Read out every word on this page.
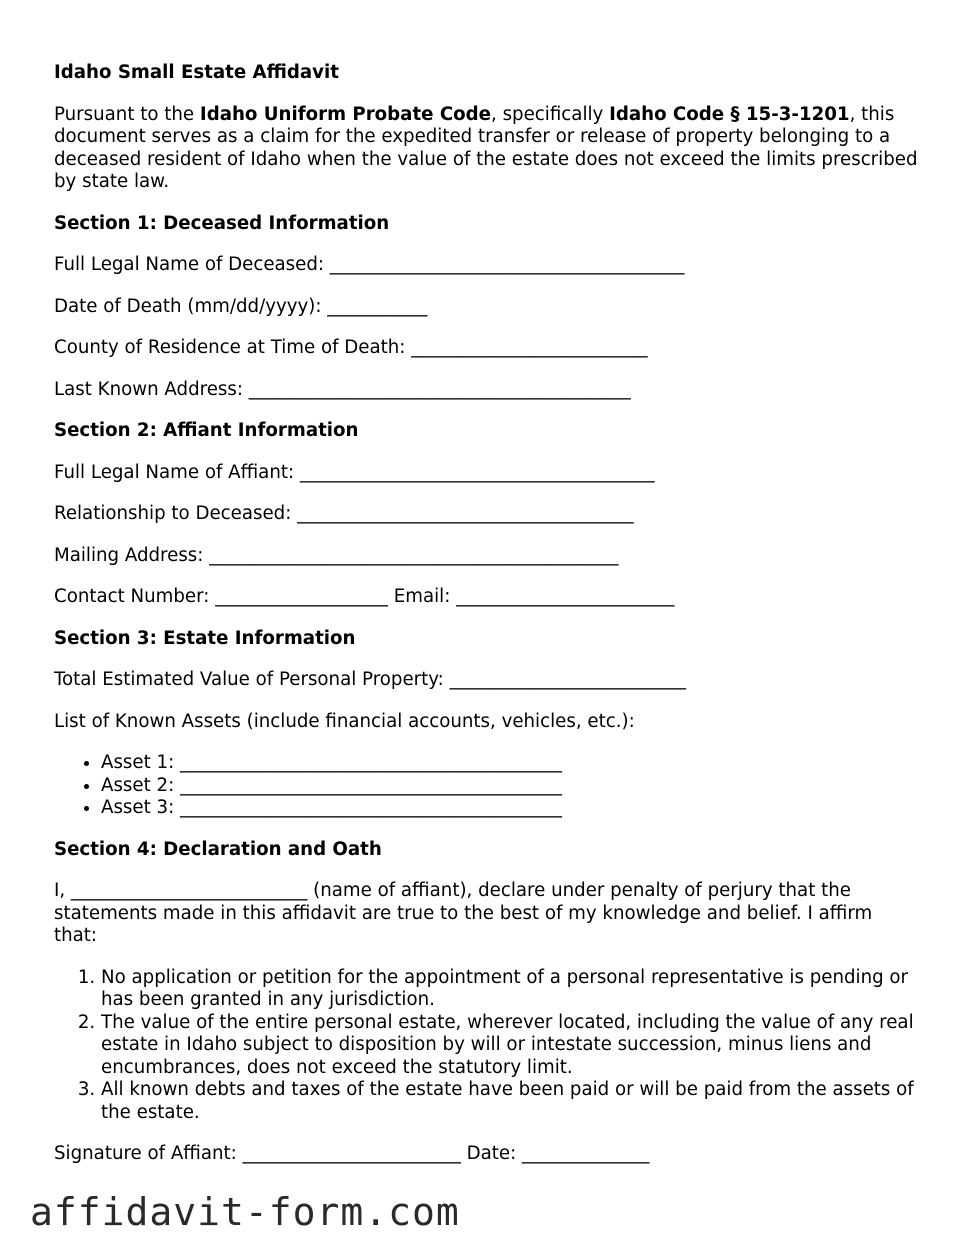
Idaho Small Estate Affidavit
Pursuant to the Idaho Uniform Probate Code, specifically Idaho Code § 15-3-1201, this document serves as a claim for the expedited transfer or release of property belonging to a deceased resident of Idaho when the value of the estate does not exceed the limits prescribed by state law.
Section 1: Deceased Information
Full Legal Name of Deceased: _______________________________________
Date of Death (mm/dd/yyyy): ___________
County of Residence at Time of Death: __________________________
Last Known Address: __________________________________________
Section 2: Affiant Information
Full Legal Name of Affiant: _______________________________________
Relationship to Deceased: _____________________________________
Mailing Address: _____________________________________________
Contact Number: ___________________ Email: ________________________
Section 3: Estate Information
Total Estimated Value of Personal Property: __________________________
List of Known Assets (include financial accounts, vehicles, etc.):
• Asset 1: __________________________________________
• Asset 2: __________________________________________
• Asset 3: __________________________________________
Section 4: Declaration and Oath
I, __________________________ (name of affiant), declare under penalty of perjury that the statements made in this affidavit are true to the best of my knowledge and belief. I affirm that:
1. No application or petition for the appointment of a personal representative is pending or has been granted in any jurisdiction.
2. The value of the entire personal estate, wherever located, including the value of any real estate in Idaho subject to disposition by will or intestate succession, minus liens and encumbrances, does not exceed the statutory limit.
3. All known debts and taxes of the estate have been paid or will be paid from the assets of the estate.
Signature of Affiant: ________________________ Date: ______________
affidavit-form.com
